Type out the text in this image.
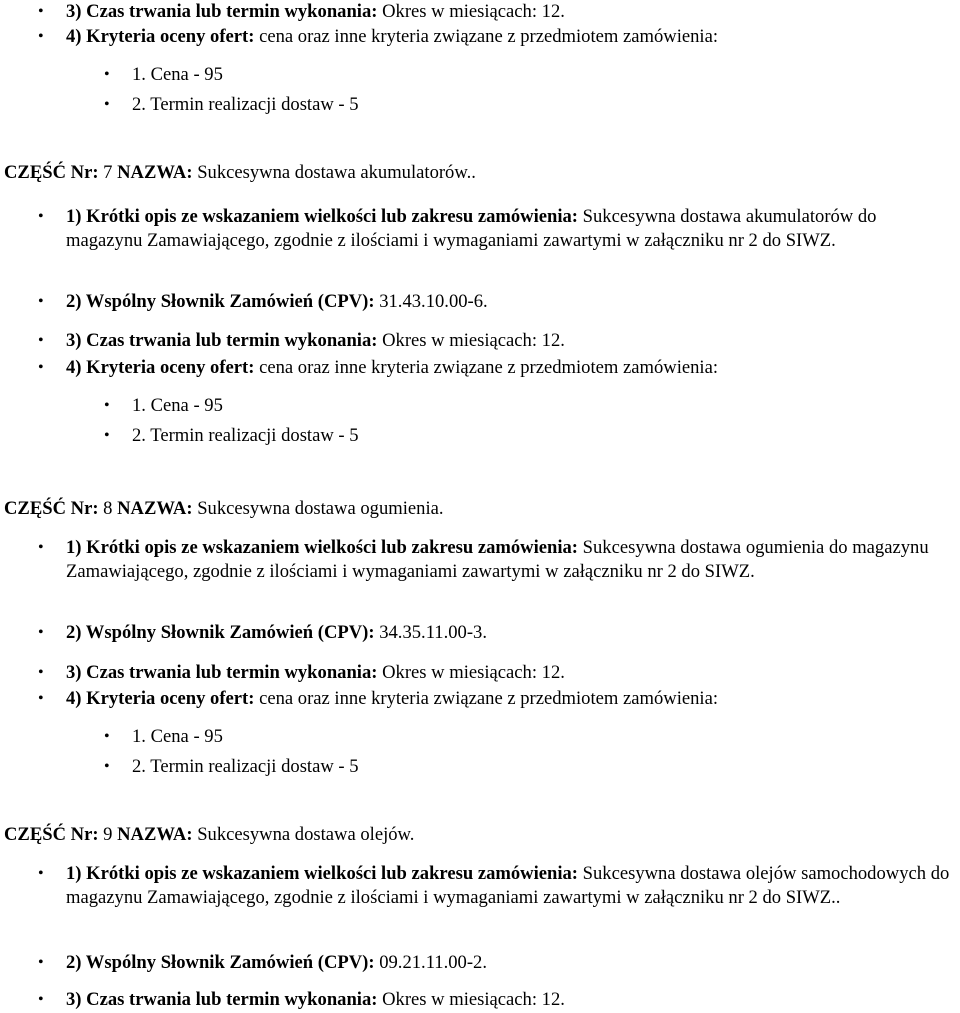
• 3) Czas trwania lub termin wykonania: Okres w miesiącach: 12.
• 4) Kryteria oceny ofert: cena oraz inne kryteria związane z przedmiotem zamówienia:
• 1. Cena - 95
• 2. Termin realizacji dostaw - 5
CZĘŚĆ Nr: 7 NAZWA: Sukcesywna dostawa akumulatorów..
• 1) Krótki opis ze wskazaniem wielkości lub zakresu zamówienia: Sukcesywna dostawa akumulatorów do magazynu Zamawiającego, zgodnie z ilościami i wymaganiami zawartymi w załączniku nr 2 do SIWZ.
• 2) Wspólny Słownik Zamówień (CPV): 31.43.10.00-6.
• 3) Czas trwania lub termin wykonania: Okres w miesiącach: 12.
• 4) Kryteria oceny ofert: cena oraz inne kryteria związane z przedmiotem zamówienia:
• 1. Cena - 95
• 2. Termin realizacji dostaw - 5
CZĘŚĆ Nr: 8 NAZWA: Sukcesywna dostawa ogumienia.
• 1) Krótki opis ze wskazaniem wielkości lub zakresu zamówienia: Sukcesywna dostawa ogumienia do magazynu Zamawiającego, zgodnie z ilościami i wymaganiami zawartymi w załączniku nr 2 do SIWZ.
• 2) Wspólny Słownik Zamówień (CPV): 34.35.11.00-3.
• 3) Czas trwania lub termin wykonania: Okres w miesiącach: 12.
• 4) Kryteria oceny ofert: cena oraz inne kryteria związane z przedmiotem zamówienia:
• 1. Cena - 95
• 2. Termin realizacji dostaw - 5
CZĘŚĆ Nr: 9 NAZWA: Sukcesywna dostawa olejów.
• 1) Krótki opis ze wskazaniem wielkości lub zakresu zamówienia: Sukcesywna dostawa olejów samochodowych do magazynu Zamawiającego, zgodnie z ilościami i wymaganiami zawartymi w załączniku nr 2 do SIWZ..
• 2) Wspólny Słownik Zamówień (CPV): 09.21.11.00-2.
• 3) Czas trwania lub termin wykonania: Okres w miesiącach: 12.
